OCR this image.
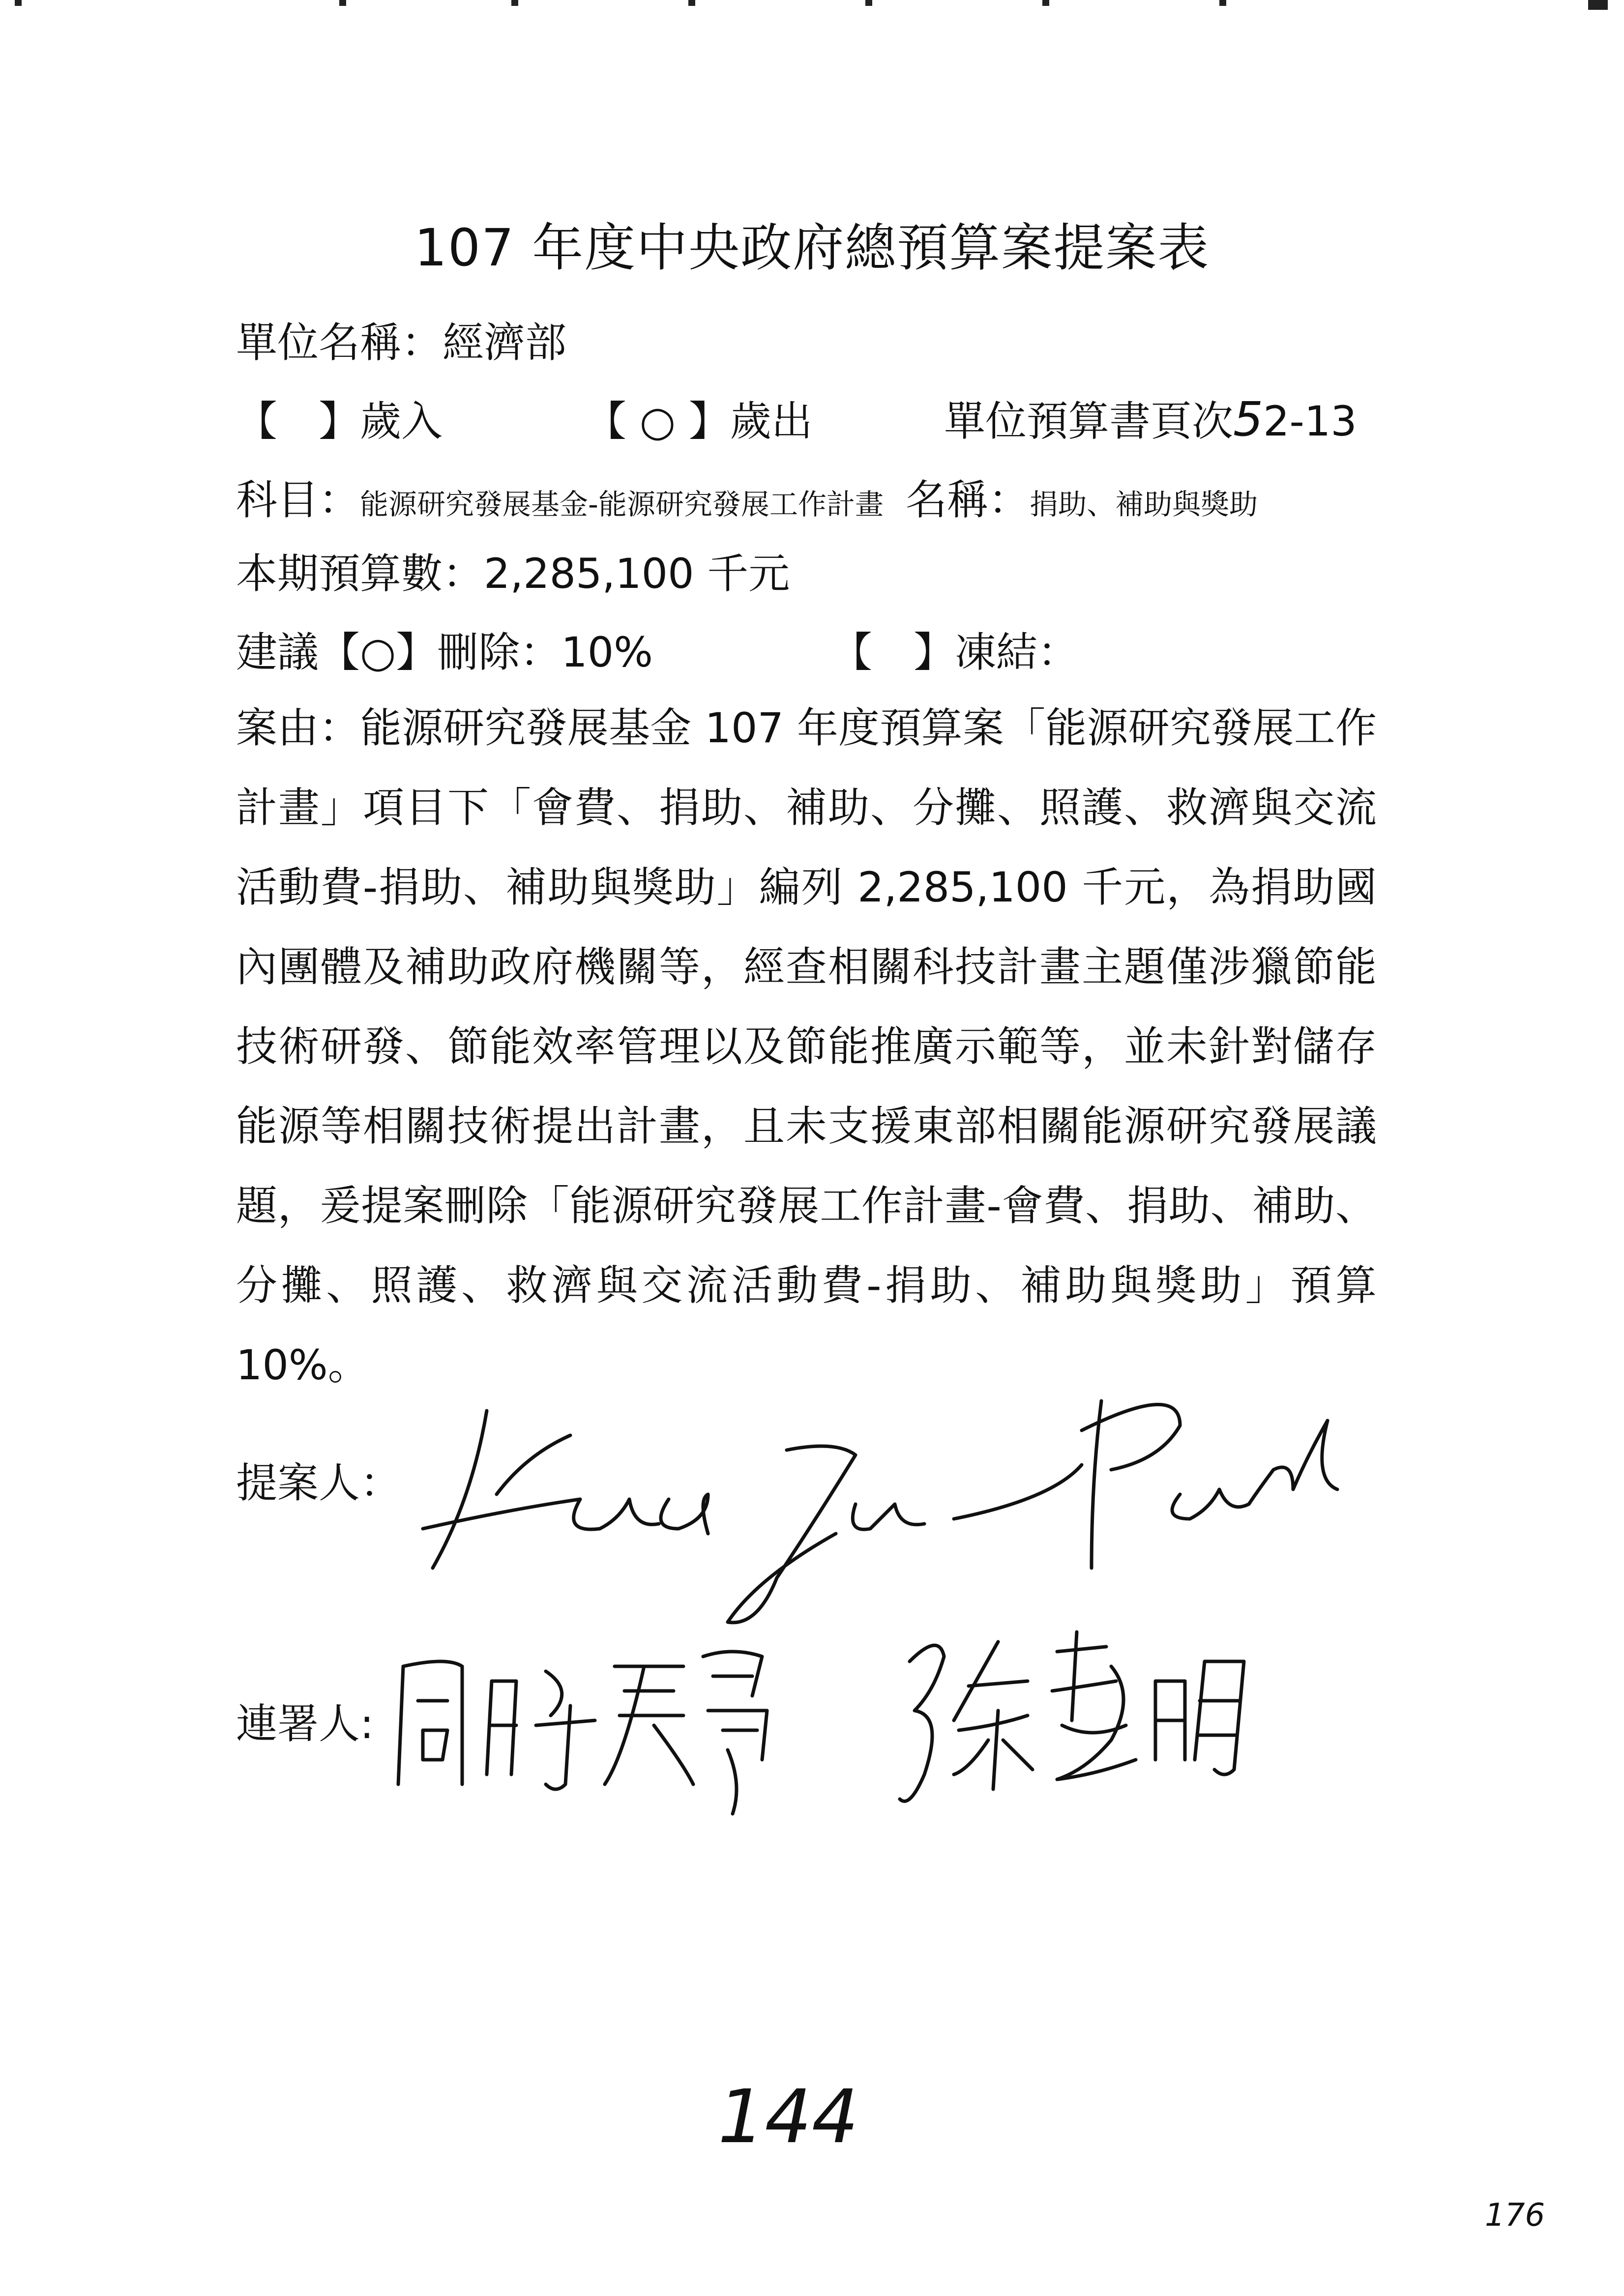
107 年度中央政府總預算案提案表
單位名稱：經濟部
【　】歲入	【 ○ 】歲出	單位預算書頁次52-13
科目：能源研究發展基金-能源研究發展工作計畫 名稱：捐助、補助與獎助
本期預算數：2,285,100 千元
建議【○】刪除：10%	【　】凍結：
案由：能源研究發展基金 107 年度預算案「能源研究發展工作計畫」項目下「會費、捐助、補助、分攤、照護、救濟與交流活動費-捐助、補助與獎助」編列 2,285,100 千元，為捐助國內團體及補助政府機關等，經查相關科技計畫主題僅涉獵節能技術研發、節能效率管理以及節能推廣示範等，並未針對儲存能源等相關技術提出計畫，且未支援東部相關能源研究發展議題，爰提案刪除「能源研究發展工作計畫-會費、捐助、補助、分攤、照護、救濟與交流活動費-捐助、補助與獎助」預算 10%。
提案人：
連署人:
144
176
